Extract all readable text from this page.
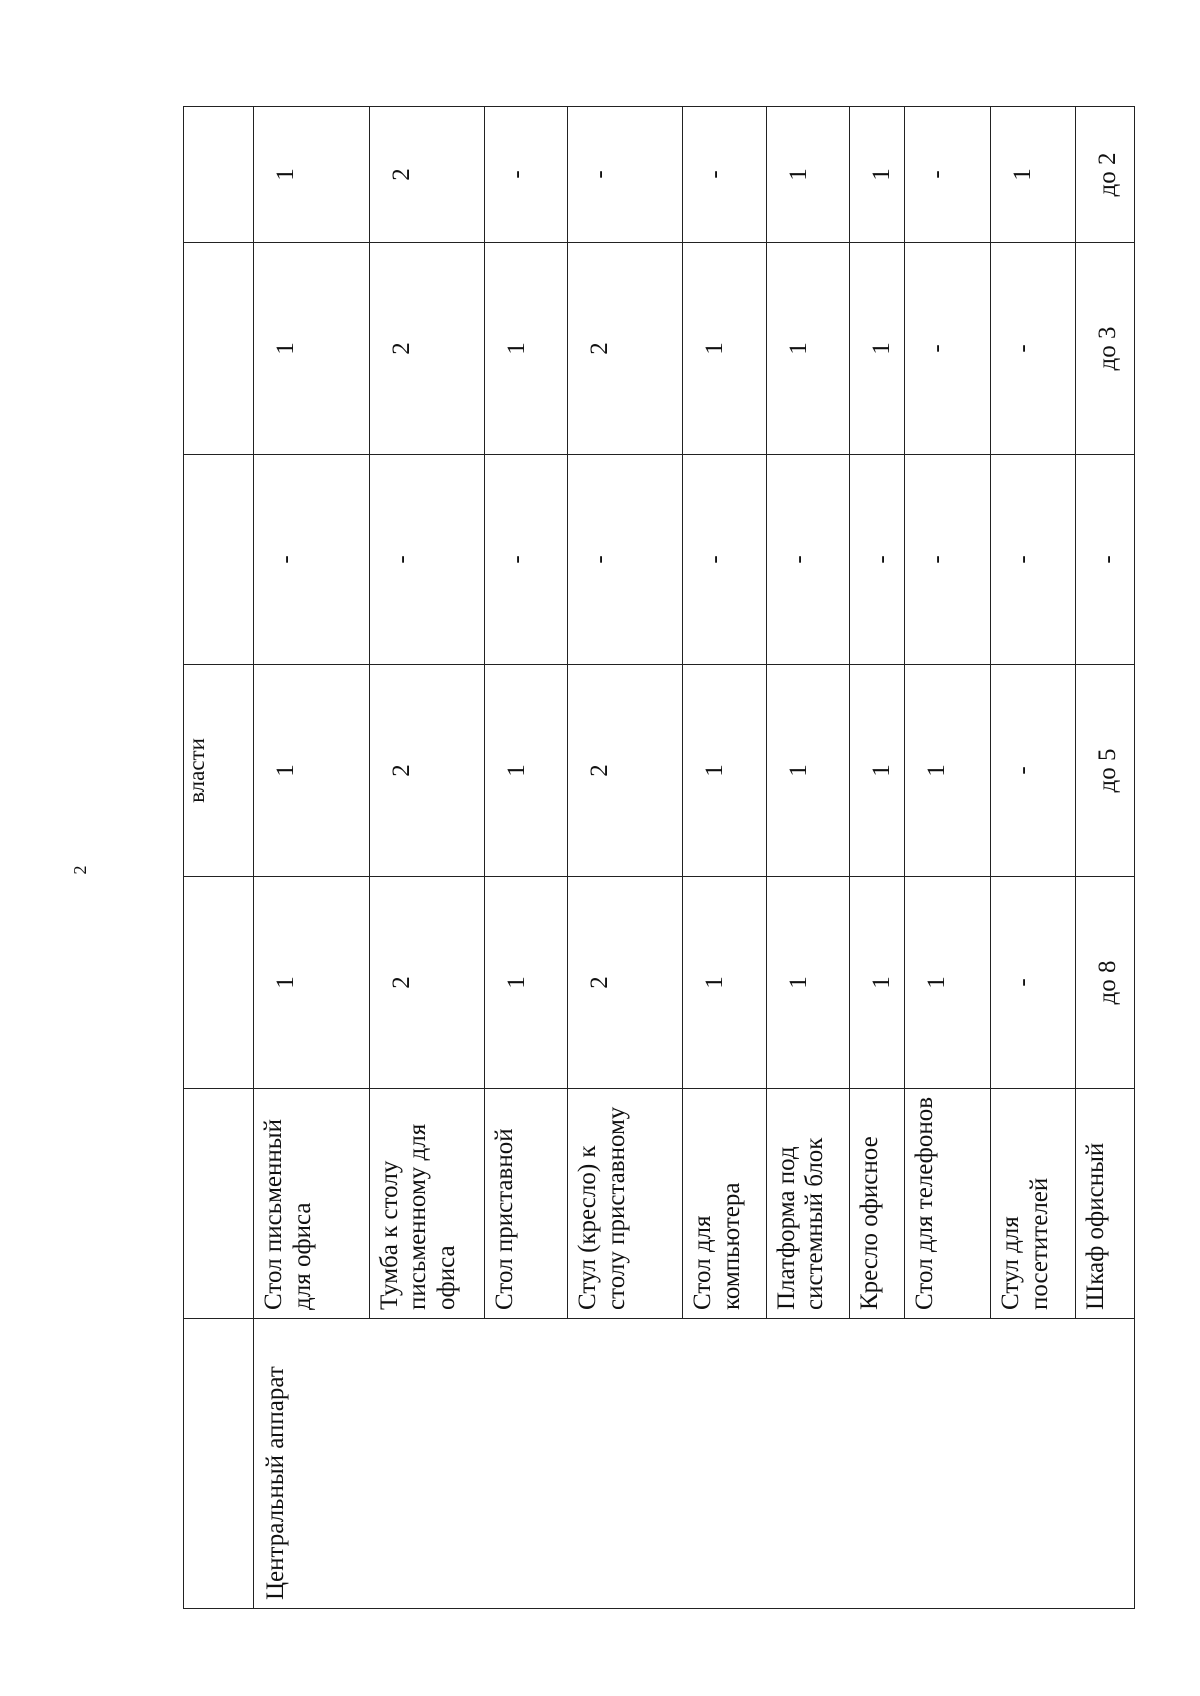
2
			власти			
Центральный аппарат	Стол письменный для офиса	1	1	-	1	1
	Тумба к столу письменному для офиса	2	2	-	2	2
	Стол приставной	1	1	-	1	-
	Стул (кресло) к столу приставному	2	2	-	2	-
	Стол для компьютера	1	1	-	1	-
	Платформа под системный блок	1	1	-	1	1
	Кресло офисное	1	1	-	1	1
	Стол для телефонов	1	1	-	-	-
	Стул для посетителей	-	-	-	-	1
	Шкаф офисный	до 8	до 5	-	до 3	до 2
